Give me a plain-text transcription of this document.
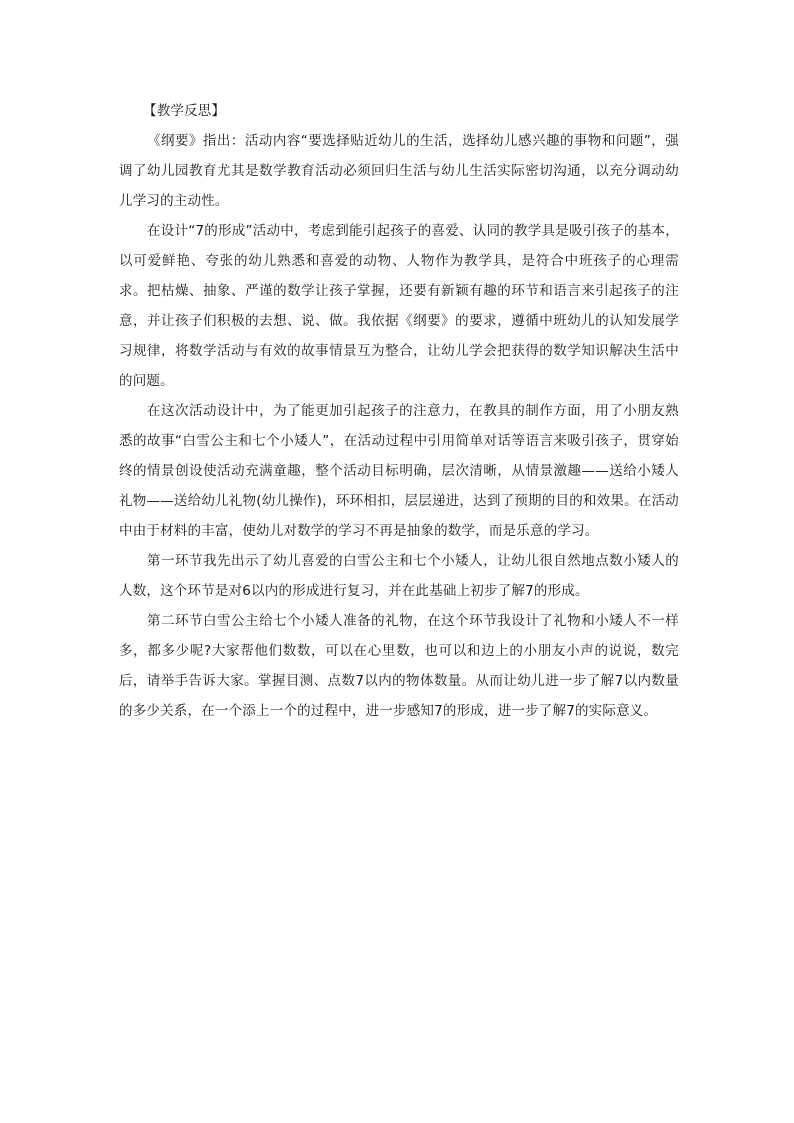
【教学反思】

《纲要》指出：活动内容“要选择贴近幼儿的生活，选择幼儿感兴趣的事物和问题”，强调了幼儿园教育尤其是数学教育活动必须回归生活与幼儿生活实际密切沟通，以充分调动幼儿学习的主动性。

在设计“7的形成”活动中，考虑到能引起孩子的喜爱、认同的教学具是吸引孩子的基本，以可爱鲜艳、夸张的幼儿熟悉和喜爱的动物、人物作为教学具，是符合中班孩子的心理需求。把枯燥、抽象、严谨的数学让孩子掌握，还要有新颖有趣的环节和语言来引起孩子的注意，并让孩子们积极的去想、说、做。我依据《纲要》的要求，遵循中班幼儿的认知发展学习规律，将数学活动与有效的故事情景互为整合，让幼儿学会把获得的数学知识解决生活中的问题。

在这次活动设计中，为了能更加引起孩子的注意力，在教具的制作方面，用了小朋友熟悉的故事“白雪公主和七个小矮人”，在活动过程中引用简单对话等语言来吸引孩子，贯穿始终的情景创设使活动充满童趣，整个活动目标明确，层次清晰，从情景激趣——送给小矮人礼物——送给幼儿礼物(幼儿操作)，环环相扣，层层递进，达到了预期的目的和效果。在活动中由于材料的丰富，使幼儿对数学的学习不再是抽象的数学，而是乐意的学习。

第一环节我先出示了幼儿喜爱的白雪公主和七个小矮人，让幼儿很自然地点数小矮人的人数，这个环节是对6以内的形成进行复习，并在此基础上初步了解7的形成。

第二环节白雪公主给七个小矮人准备的礼物，在这个环节我设计了礼物和小矮人不一样多，都多少呢?大家帮他们数数，可以在心里数，也可以和边上的小朋友小声的说说，数完后，请举手告诉大家。掌握目测、点数7以内的物体数量。从而让幼儿进一步了解7以内数量的多少关系，在一个添上一个的过程中，进一步感知7的形成，进一步了解7的实际意义。
